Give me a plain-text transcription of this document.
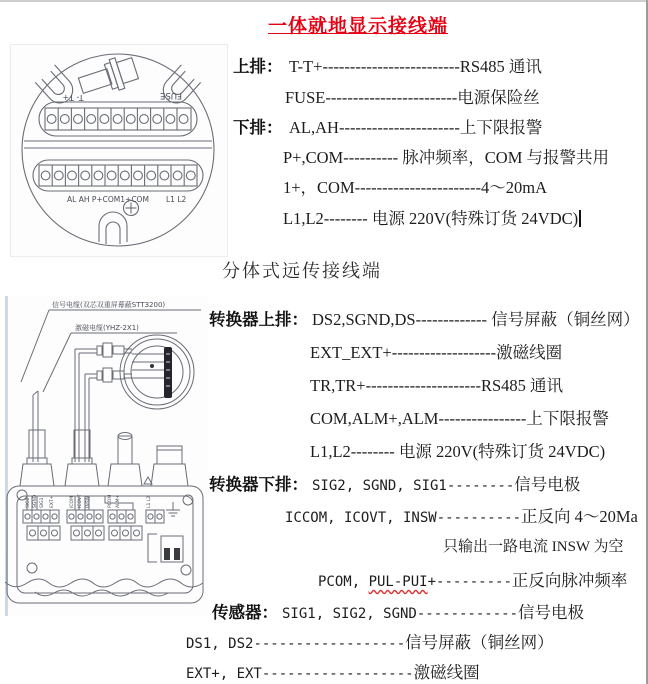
一体就地显示接线端
分体式远传接线端
T- T+	FUSE
AL AH P+COM1+COM L1 L2
信号电缆(双芯双重屏幕蔽STT3200)
激磁电缆(YHZ-2X1)
SIG2 SGND SIG1 EXT+	ICOM ICOVT INSW	PCOM ALM+	L1 L2
上排： T-T+-------------------------RS485 通讯
FUSE------------------------电源保险丝
下排： AL,AH----------------------上下限报警
P+,COM---------- 脉冲频率，COM 与报警共用
1+，COM-----------------------4～20mA
L1,L2-------- 电源 220V(特殊订货 24VDC)
转换器上排： DS2,SGND,DS------------- 信号屏蔽（铜丝网）
EXT_EXT+-------------------激磁线圈
TR,TR+---------------------RS485 通讯
COM,ALM+,ALM----------------上下限报警
L1,L2-------- 电源 220V(特殊订货 24VDC)
转换器下排： SIG2, SGND, SIG1--------信号电极
ICCOM, ICOVT, INSW----------正反向 4～20Ma
只输出一路电流 INSW 为空
PCOM, PUL-PUI+---------正反向脉冲频率
传感器： SIG1, SIG2, SGND------------信号电极
DS1, DS2------------------信号屏蔽（铜丝网）
EXT+, EXT------------------激磁线圈
